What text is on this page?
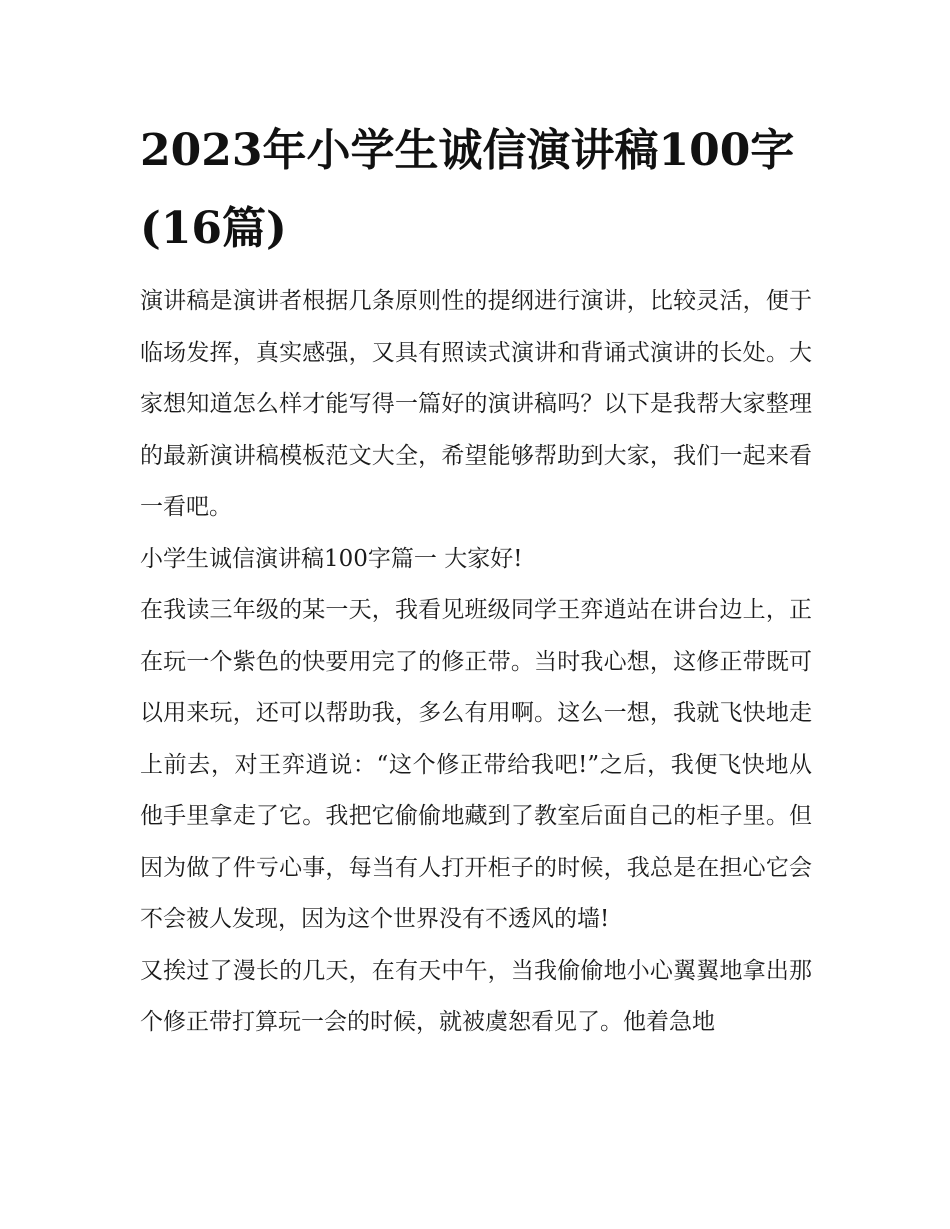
2023年小学生诚信演讲稿100字(16篇)

演讲稿是演讲者根据几条原则性的提纲进行演讲，比较灵活，便于临场发挥，真实感强，又具有照读式演讲和背诵式演讲的长处。大家想知道怎么样才能写得一篇好的演讲稿吗？以下是我帮大家整理的最新演讲稿模板范文大全，希望能够帮助到大家，我们一起来看一看吧。

小学生诚信演讲稿100字篇一 大家好!

在我读三年级的某一天，我看见班级同学王弈逍站在讲台边上，正在玩一个紫色的快要用完了的修正带。当时我心想，这修正带既可以用来玩，还可以帮助我，多么有用啊。这么一想，我就飞快地走上前去，对王弈逍说：“这个修正带给我吧!”之后，我便飞快地从他手里拿走了它。我把它偷偷地藏到了教室后面自己的柜子里。但因为做了件亏心事，每当有人打开柜子的时候，我总是在担心它会不会被人发现，因为这个世界没有不透风的墙!

又挨过了漫长的几天，在有天中午，当我偷偷地小心翼翼地拿出那个修正带打算玩一会的时候，就被虞恕看见了。他着急地
